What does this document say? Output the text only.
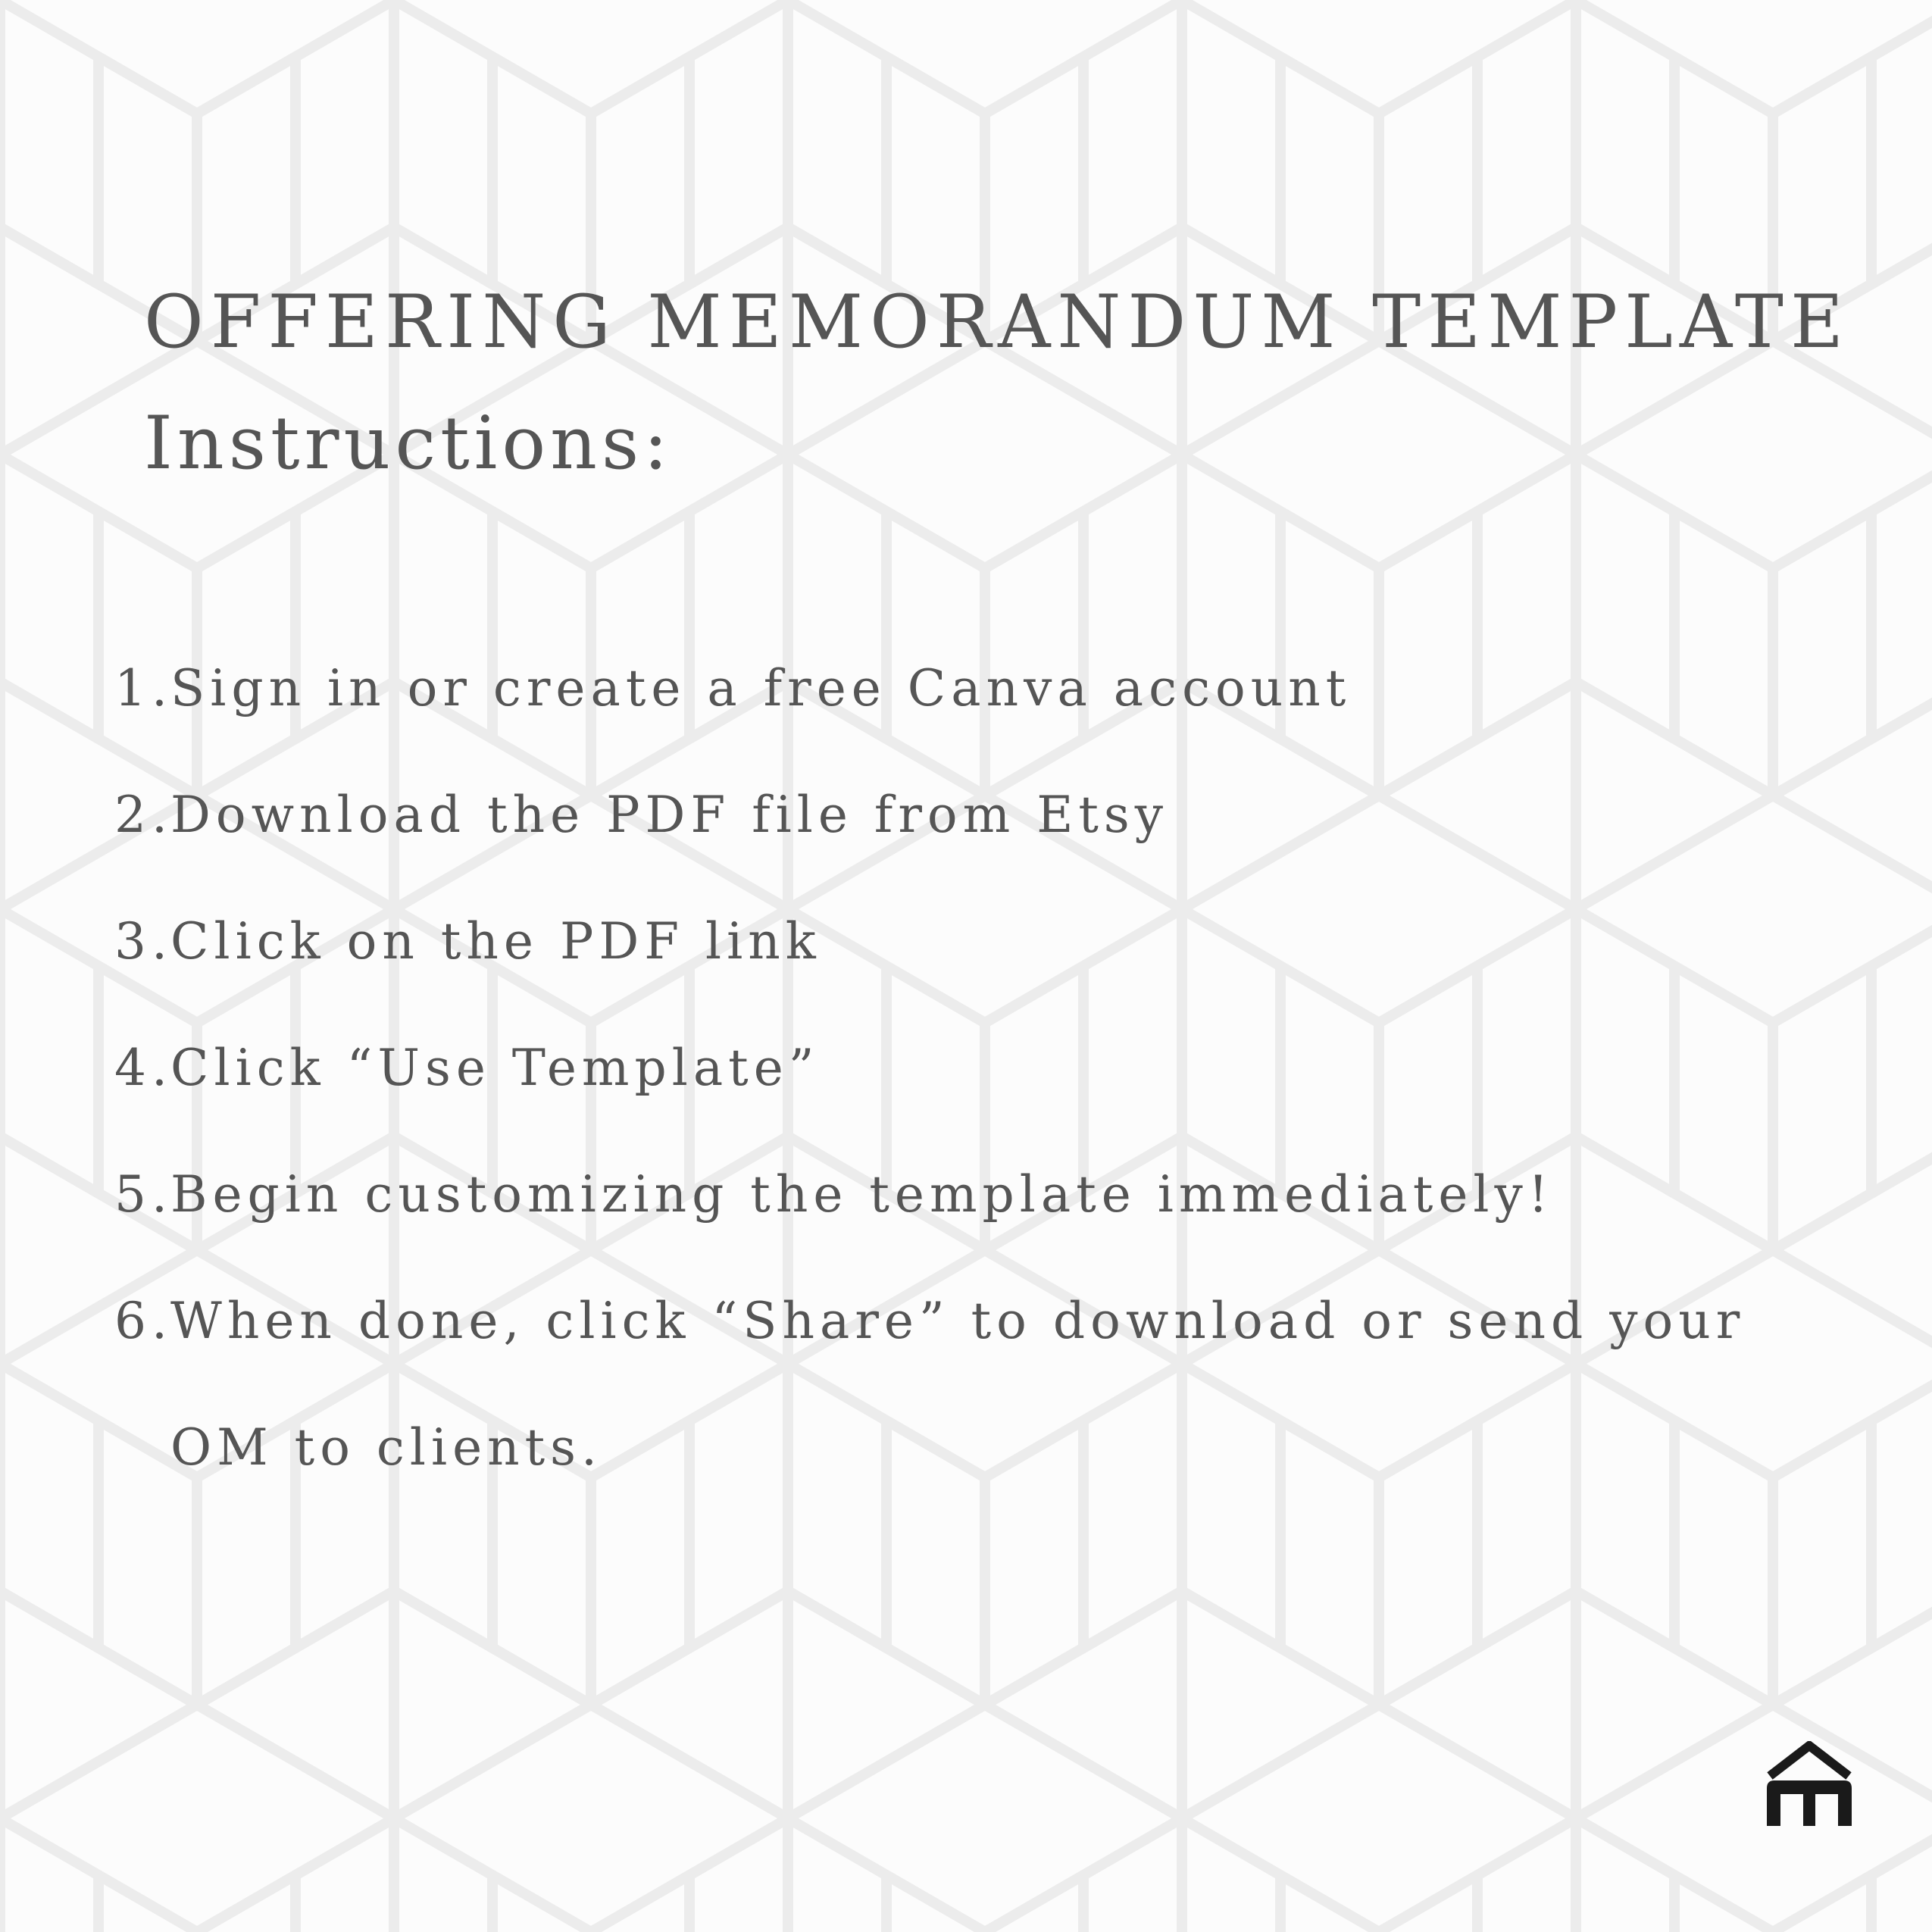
OFFERING MEMORANDUM TEMPLATE
Instructions:
1.
Sign in or create a free Canva account
2.
Download the PDF file from Etsy
3.
Click on the PDF link
4.
Click “Use Template”
5.
Begin customizing the template immediately!
6.
When done, click “Share” to download or send your
OM to clients.
